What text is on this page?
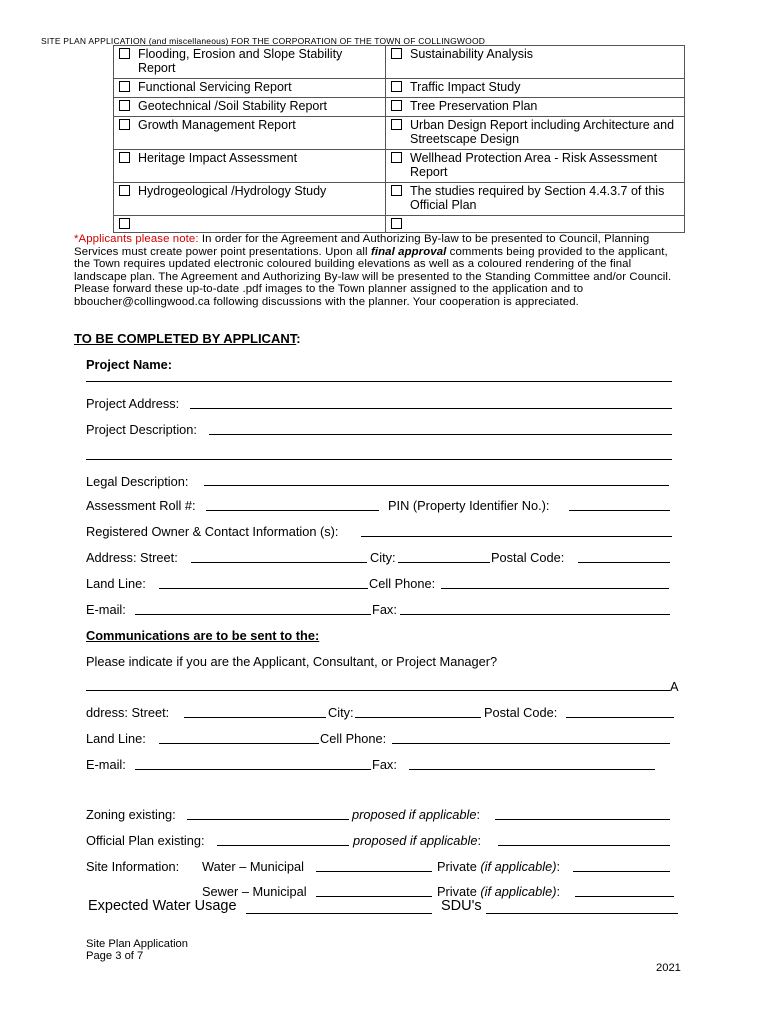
SITE PLAN APPLICATION (and miscellaneous) FOR THE CORPORATION OF THE TOWN OF COLLINGWOOD
Flooding, Erosion and Slope Stability Report	Sustainability Analysis

Functional Servicing Report	Traffic Impact Study

Geotechnical /Soil Stability Report	Tree Preservation Plan

Growth Management Report	Urban Design Report including Architecture and Streetscape Design

Heritage Impact Assessment	Wellhead Protection Area - Risk Assessment Report

Hydrogeological /Hydrology Study	The studies required by Section 4.4.3.7 of this Official Plan

*Applicants please note: In order for the Agreement and Authorizing By-law to be presented to Council, Planning Services must create power point presentations. Upon all final approval comments being provided to the applicant, the Town requires updated electronic coloured building elevations as well as a coloured rendering of the final landscape plan. The Agreement and Authorizing By-law will be presented to the Standing Committee and/or Council. Please forward these up-to-date .pdf images to the Town planner assigned to the application and to bboucher@collingwood.ca following discussions with the planner. Your cooperation is appreciated.
TO BE COMPLETED BY APPLICANT:
Project Name:
Project Address:
Project Description:
Legal Description:
Assessment Roll #:	PIN (Property Identifier No.):
Registered Owner & Contact Information (s):
Address: Street:	City:	Postal Code:
Land Line:	Cell Phone:
E-mail:	Fax:
Communications are to be sent to the:
Please indicate if you are the Applicant, Consultant, or Project Manager?
A
ddress: Street:	City:	Postal Code:
Land Line:	Cell Phone:
E-mail:	Fax:
Zoning existing:	proposed if applicable:
Official Plan existing:	proposed if applicable:
Site Information: Water – Municipal	Private (if applicable):
Sewer – Municipal	Private (if applicable):
Expected Water Usage	SDU's
Site Plan Application
Page 3 of 7
2021
